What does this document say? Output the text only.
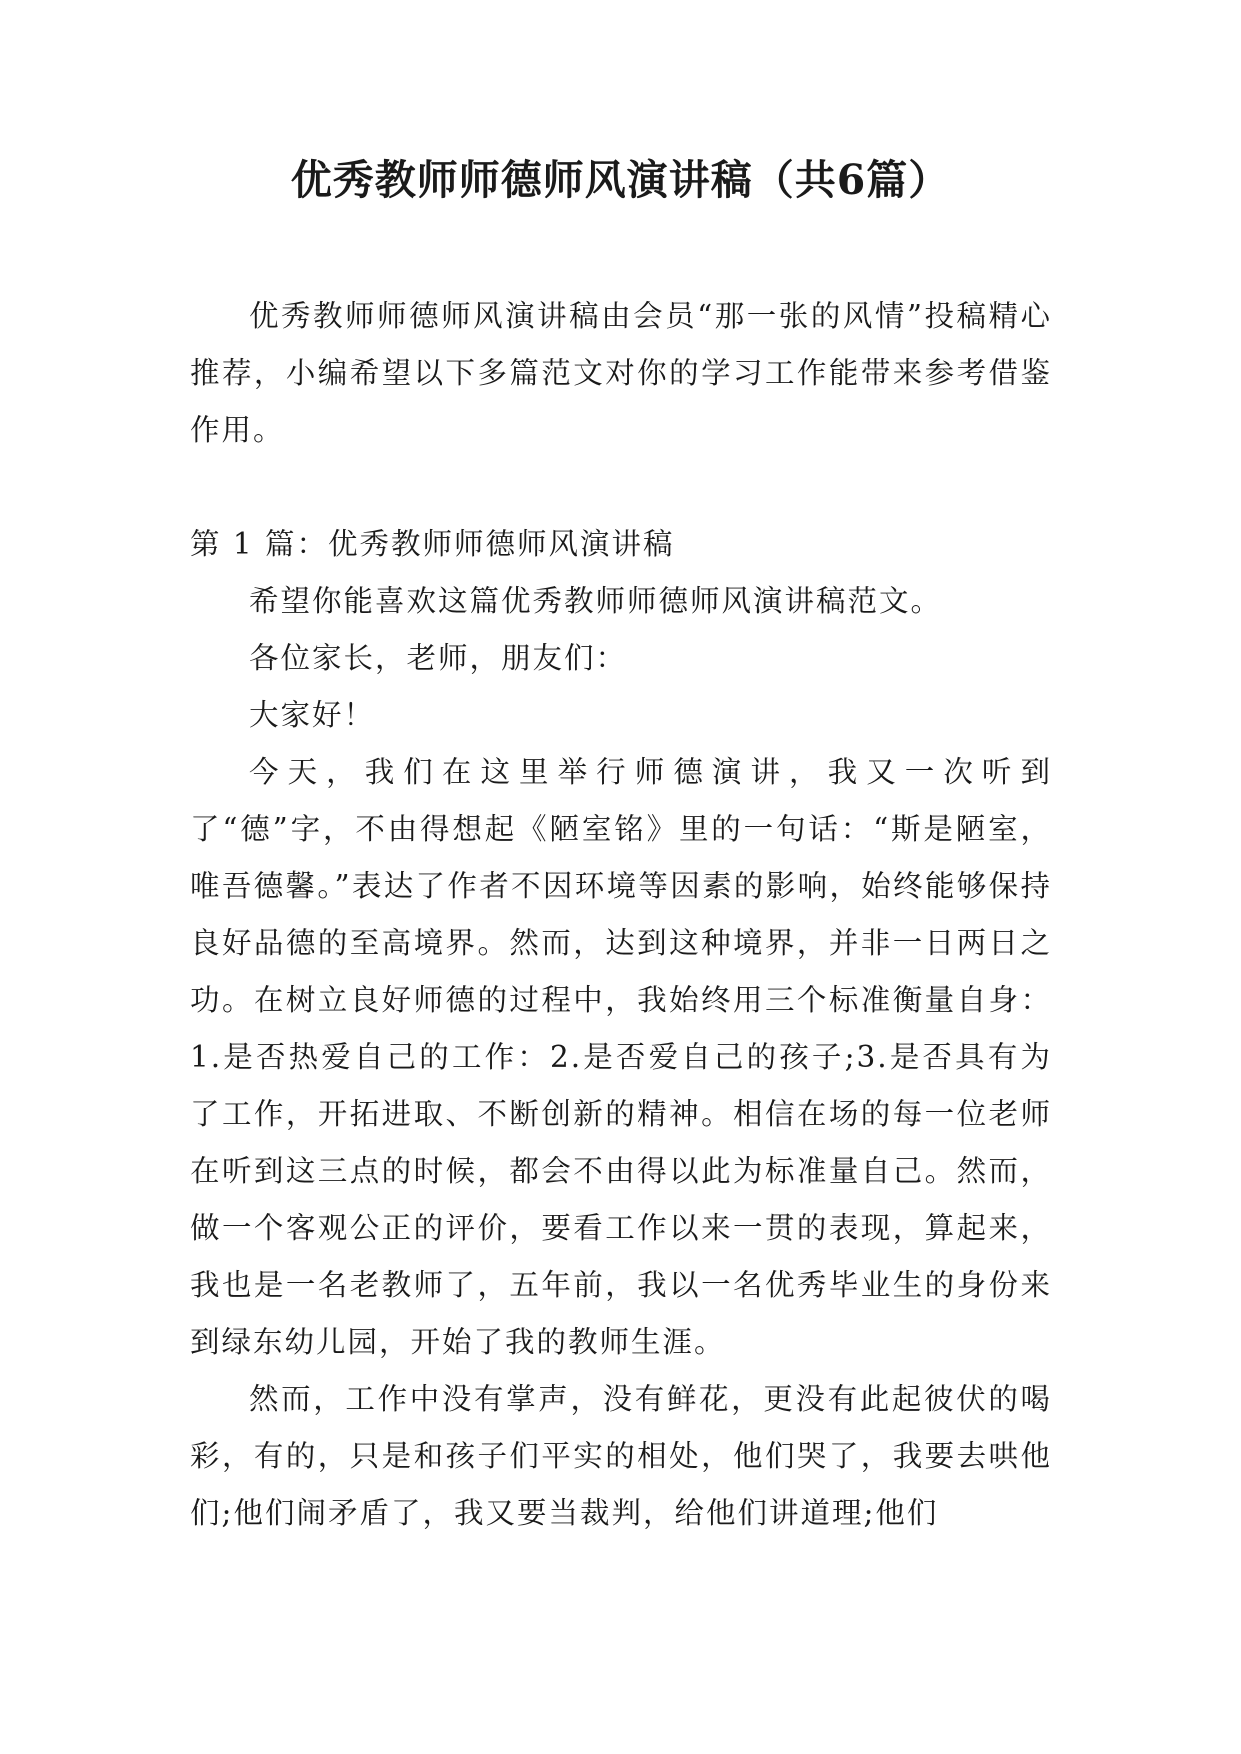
优秀教师师德师风演讲稿（共6篇）

优秀教师师德师风演讲稿由会员“那一张的风情”投稿精心推荐，小编希望以下多篇范文对你的学习工作能带来参考借鉴作用。

第 1 篇：优秀教师师德师风演讲稿

希望你能喜欢这篇优秀教师师德师风演讲稿范文。

各位家长，老师，朋友们：

大家好！

今天，我们在这里举行师德演讲，我又一次听到了“德”字，不由得想起《陋室铭》里的一句话：“斯是陋室，唯吾德馨。”表达了作者不因环境等因素的影响，始终能够保持良好品德的至高境界。然而，达到这种境界，并非一日两日之功。在树立良好师德的过程中，我始终用三个标准衡量自身：1.是否热爱自己的工作：2.是否爱自己的孩子;3.是否具有为了工作，开拓进取、不断创新的精神。相信在场的每一位老师在听到这三点的时候，都会不由得以此为标准量自己。然而，做一个客观公正的评价，要看工作以来一贯的表现，算起来，我也是一名老教师了，五年前，我以一名优秀毕业生的身份来到绿东幼儿园，开始了我的教师生涯。

然而，工作中没有掌声，没有鲜花，更没有此起彼伏的喝彩，有的，只是和孩子们平实的相处，他们哭了，我要去哄他们;他们闹矛盾了，我又要当裁判，给他们讲道理;他们
